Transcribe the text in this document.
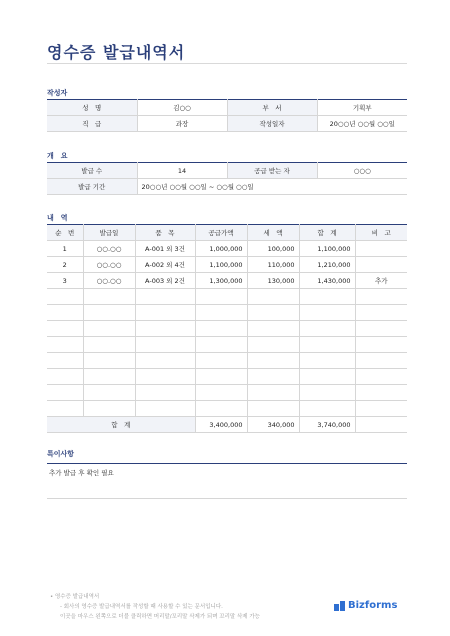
영수증 발급내역서
작성자
성　명	김○○	부　서	기획부
직　급	과장	작성일자	20○○년 ○○월 ○○일
개　요
발급 수	14	공급 받는 자	○○○
발급 기간	20○○년 ○○월 ○○일 ~ ○○월 ○○일		
내　역
순　번	발급일	품　목	공급가액	세　액	합　계	비　고
1	○○.○○	A-001 외 3건	1,000,000	100,000	1,100,000	
2	○○.○○	A-002 외 4건	1,100,000	110,000	1,210,000	
3	○○.○○	A-003 외 2건	1,300,000	130,000	1,430,000	추가

합　계			3,400,000	340,000	3,740,000	
특이사항
추가 발급 후 확인 필요
• 영수증 발급내역서
- 회사의 영수증 발급내역서를 작성할 때 사용할 수 있는 문서입니다.
이곳을 마우스 왼쪽으로 더블 클릭하면 머리말/꼬리말 삭제가 되며 꼬리말 삭제 가능
Bizforms
